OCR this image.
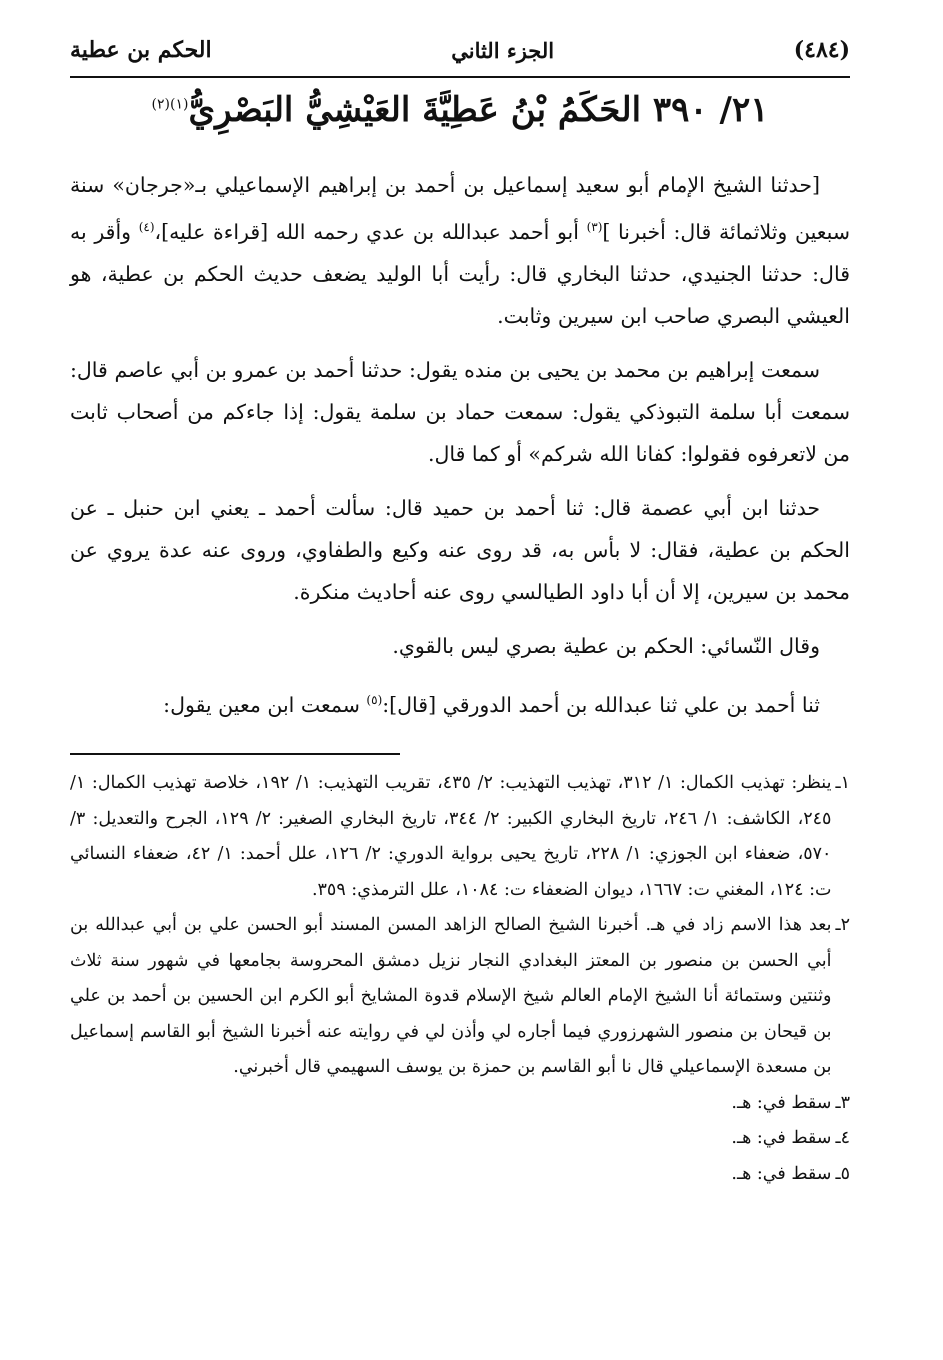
(٤٨٤)
الجزء الثاني
الحكم بن عطية
٢١/ ٣٩٠ الحَكَمُ بْنُ عَطِيَّةَ العَيْشِيُّ البَصْرِيُّ$^{(١)(٢)}$

[حدثنا الشيخ الإمام أبو سعيد إسماعيل بن أحمد بن إبراهيم الإسماعيلي بـ«جرجان» سنة سبعين وثلاثمائة قال: أخبرنا ]$^{(٣)}$ أبو أحمد عبدالله بن عدي رحمه الله [قراءة عليه]،$^{(٤)}$ وأقر به قال: حدثنا الجنيدي، حدثنا البخاري قال: رأيت أبا الوليد يضعف حديث الحكم بن عطية، هو العيشي البصري صاحب ابن سيرين وثابت.

سمعت إبراهيم بن محمد بن يحيى بن منده يقول: حدثنا أحمد بن عمرو بن أبي عاصم قال: سمعت أبا سلمة التبوذكي يقول: سمعت حماد بن سلمة يقول: إذا جاءكم من أصحاب ثابت من لاتعرفوه فقولوا: كفانا الله شركم» أو كما قال.

حدثنا ابن أبي عصمة قال: ثنا أحمد بن حميد قال: سألت أحمد ـ يعني ابن حنبل ـ عن الحكم بن عطية، فقال: لا بأس به، قد روى عنه وكيع والطفاوي، وروى عنه عدة يروي عن محمد بن سيرين، إلا أن أبا داود الطيالسي روى عنه أحاديث منكرة.

وقال النّسائي: الحكم بن عطية بصري ليس بالقوي.

ثنا أحمد بن علي ثنا عبدالله بن أحمد الدورقي [قال]:$^{(٥)}$ سمعت ابن معين يقول:

١ـ
ينظر: تهذيب الكمال: ١/ ٣١٢، تهذيب التهذيب: ٢/ ٤٣٥، تقريب التهذيب: ١/ ١٩٢، خلاصة تهذيب الكمال: ١/ ٢٤٥، الكاشف: ١/ ٢٤٦، تاريخ البخاري الكبير: ٢/ ٣٤٤، تاريخ البخاري الصغير: ٢/ ١٢٩، الجرح والتعديل: ٣/ ٥٧٠، ضعفاء ابن الجوزي: ١/ ٢٢٨، تاريخ يحيى برواية الدوري: ٢/ ١٢٦، علل أحمد: ١/ ٤٢، ضعفاء النسائي ت: ١٢٤، المغني ت: ١٦٦٧، ديوان الضعفاء ت: ١٠٨٤، علل الترمذي: ٣٥٩.
٢ـ
بعد هذا الاسم زاد في هـ. أخبرنا الشيخ الصالح الزاهد المسن المسند أبو الحسن علي بن أبي عبدالله بن أبي الحسن بن منصور بن المعتز البغدادي النجار نزيل دمشق المحروسة بجامعها في شهور سنة ثلاث وثنتين وستمائة أنا الشيخ الإمام العالم شيخ الإسلام قدوة المشايخ أبو الكرم ابن الحسين بن أحمد بن علي بن قيحان بن منصور الشهرزوري فيما أجاره لي وأذن لي في روايته عنه أخبرنا الشيخ أبو القاسم إسماعيل بن مسعدة الإسماعيلي قال نا أبو القاسم بن حمزة بن يوسف السهيمي قال أخبرني.
٣ـ
سقط في: هـ.
٤ـ
سقط في: هـ.
٥ـ
سقط في: هـ.
